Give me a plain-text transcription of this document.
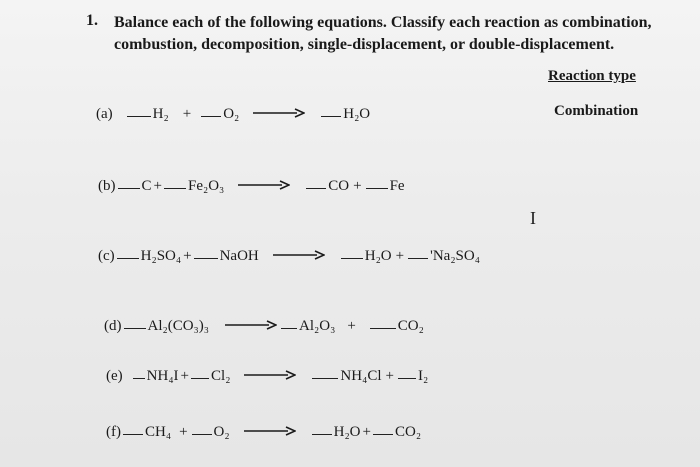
1. Balance each of the following equations. Classify each reaction as combination,
combustion, decomposition, single-displacement, or double-displacement.
Reaction type
Combination
(a)	H₂ + O₂ →	H₂O
(b) C + Fe₂O₃ →	CO + Fe
(c) H₂SO₄ + NaOH →	H₂O + ' Na₂SO₄
(d) Al₂(CO₃)₃ → Al₂O₃ +	CO₂
(e) NH₄I + Cl₂ →	NH₄Cl + I₂
(f) CH₄ + O₂ →	H₂O + CO₂
I
